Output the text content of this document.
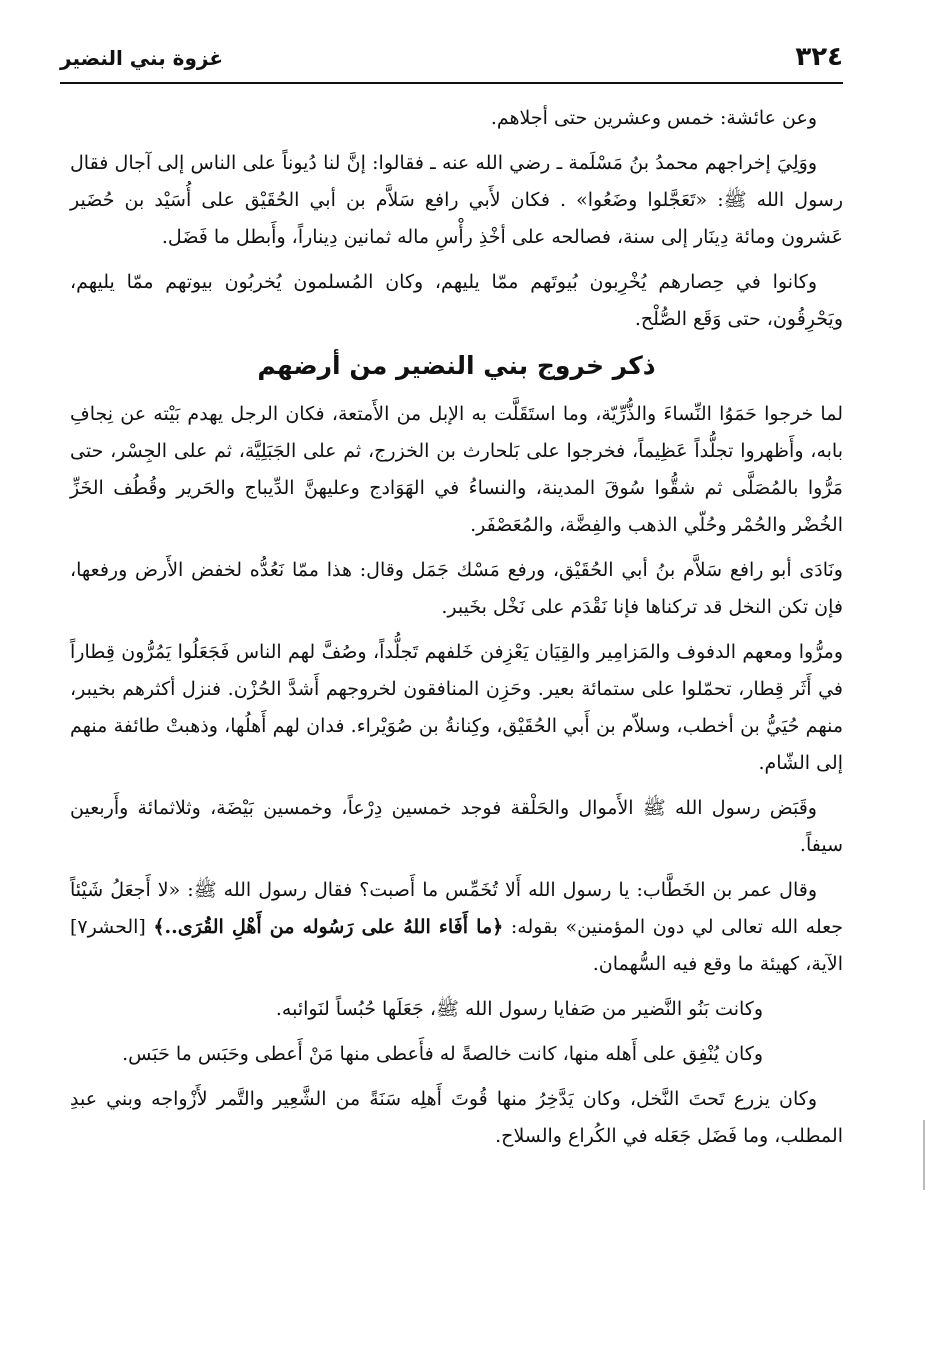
٣٢٤
غزوة بني النضير

وعن عائشة: خمس وعشرين حتى أجلاهم.

ووَلِيَ إخراجهم محمدُ بنُ مَسْلَمة ـ رضي الله عنه ـ فقالوا: إنَّ لنا دُيوناً على الناس إلى آجال فقال رسول الله ﷺ: «تَعَجَّلوا وضَعُوا» . فكان لأَبي رافع سَلاَّم بن أبي الحُقَيْق على أُسَيْد بن حُضَير عَشرون ومائة دِينَار إلى سنة، فصالحه على أخْذِ رأْسِ ماله ثمانين دِيناراً، وأَبطل ما فَضَل.

وكانوا في حِصارهم يُخْرِبون بُيوتَهم ممّا يليهم، وكان المُسلمون يُخربُون بيوتهم ممّا يليهم، ويَحْرِقُون، حتى وَقَع الصُّلْح.

ذكر خروج بني النضير من أرضهم

لما خرجوا حَمَوُا النِّساءَ والذُّرِّيّة، وما استَقَلَّت به الإبل من الأَمتعة، فكان الرجل يهدم بَيْته عن نِجافِ بابه، وأَظهروا تجلُّداً عَظِيماً، فخرجوا على بَلحارث بن الخزرج، ثم على الجَبَلِيَّة، ثم على الجِسْر، حتى مَرُّوا بالمُصَلَّى ثم شقُّوا سُوقَ المدينة، والنساءُ في الهَوَادج وعليهنَّ الدِّيباج والحَرير وقُطُف الخَزِّ الخُضْر والحُمْر وحُلّي الذهب والفِضَّة، والمُعَصْفَر.

ونَادَى أبو رافع سَلاَّم بنُ أبي الحُقَيْق، ورفع مَسْك جَمَل وقال: هذا ممّا نَعُدُّه لخفض الأَرض ورفعها، فإن تكن النخل قد تركناها فإنا نَقْدَم على نَخْل بخَيبر.

ومرُّوا ومعهم الدفوف والمَزامِير والقِيَان يَعْزِفن خَلفهم تَجلُّداً، وصُفَّ لهم الناس فَجَعَلُوا يَمُرُّون قِطاراً في أَثَر قِطار، تحمّلوا على ستمائة بعير. وحَزِن المنافقون لخروجهم أَشدَّ الحُزْن. فنزل أكثرهم بخيبر، منهم حُيَيُّ بن أخطب، وسلاّم بن أَبي الحُقَيْق، وكِنانةُ بن صُوَيْراء. فدان لهم أَهلُها، وذهبتْ طائفة منهم إلى الشّام.

وقَبَض رسول الله ﷺ الأَموال والحَلْقة فوجد خمسين دِرْعاً، وخمسين بَيْضَة، وثلاثمائة وأَربعين سيفاً.

وقال عمر بن الخَطَّاب: يا رسول الله أَلا تُخَمِّس ما أَصبت؟ فقال رسول الله ﷺ: «لا أَجعَلُ شَيْئاً جعله الله تعالى لي دون المؤمنين» بقوله: ﴿ما أَفَاء اللهُ على رَسُوله من أَهْلِ القُرَى..﴾ [الحشر٧] الآية، كهيئة ما وقع فيه السُّهمان.

وكانت بَنُو النَّضير من صَفايا رسول الله ﷺ، جَعَلَها حُبُساً لنَوائبه.

وكان يُنْفِق على أَهله منها، كانت خالصةً له فأَعطى منها مَنْ أَعطى وحَبَس ما حَبَس.

وكان يزرع تَحتَ النَّخل، وكان يَدَّخِرُ منها قُوتَ أَهلِه سَنَةً من الشَّعِير والتَّمر لأَزْواجه وبني عبدِ المطلب، وما فَضَل جَعَله في الكُراع والسلاح.
